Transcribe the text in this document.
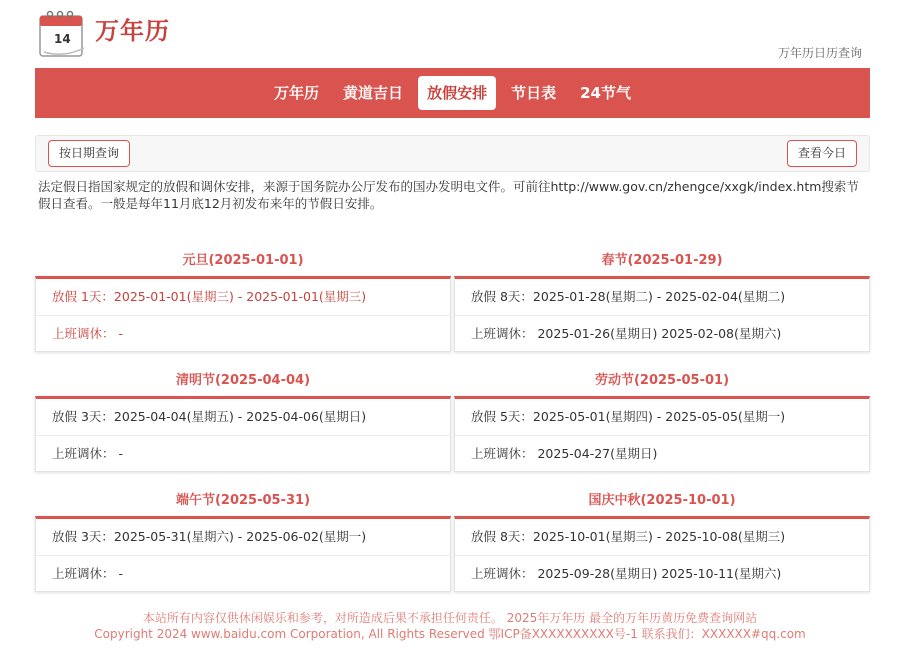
14 万年历
万年历日历查询
万年历	黄道吉日	放假安排	节日表	24节气
按日期查询	查看今日
法定假日指国家规定的放假和调休安排，来源于国务院办公厅发布的国办发明电文件。可前往http://www.gov.cn/zhengce/xxgk/index.htm搜索节假日查看。一般是每年11月底12月初发布来年的节假日安排。
元旦(2025-01-01)
放假 1天：2025-01-01(星期三) - 2025-01-01(星期三)
上班调休： -
春节(2025-01-29)
放假 8天：2025-01-28(星期二) - 2025-02-04(星期二)
上班调休： 2025-01-26(星期日) 2025-02-08(星期六)
清明节(2025-04-04)
放假 3天：2025-04-04(星期五) - 2025-04-06(星期日)
上班调休： -
劳动节(2025-05-01)
放假 5天：2025-05-01(星期四) - 2025-05-05(星期一)
上班调休： 2025-04-27(星期日)
端午节(2025-05-31)
放假 3天：2025-05-31(星期六) - 2025-06-02(星期一)
上班调休： -
国庆中秋(2025-10-01)
放假 8天：2025-10-01(星期三) - 2025-10-08(星期三)
上班调休： 2025-09-28(星期日) 2025-10-11(星期六)
本站所有内容仅供休闲娱乐和参考，对所造成后果不承担任何责任。 2025年万年历 最全的万年历黄历免费查询网站
Copyright 2024 www.baidu.com Corporation, All Rights Reserved 鄂ICP备XXXXXXXXXX号-1 联系我们：XXXXXX#qq.com
